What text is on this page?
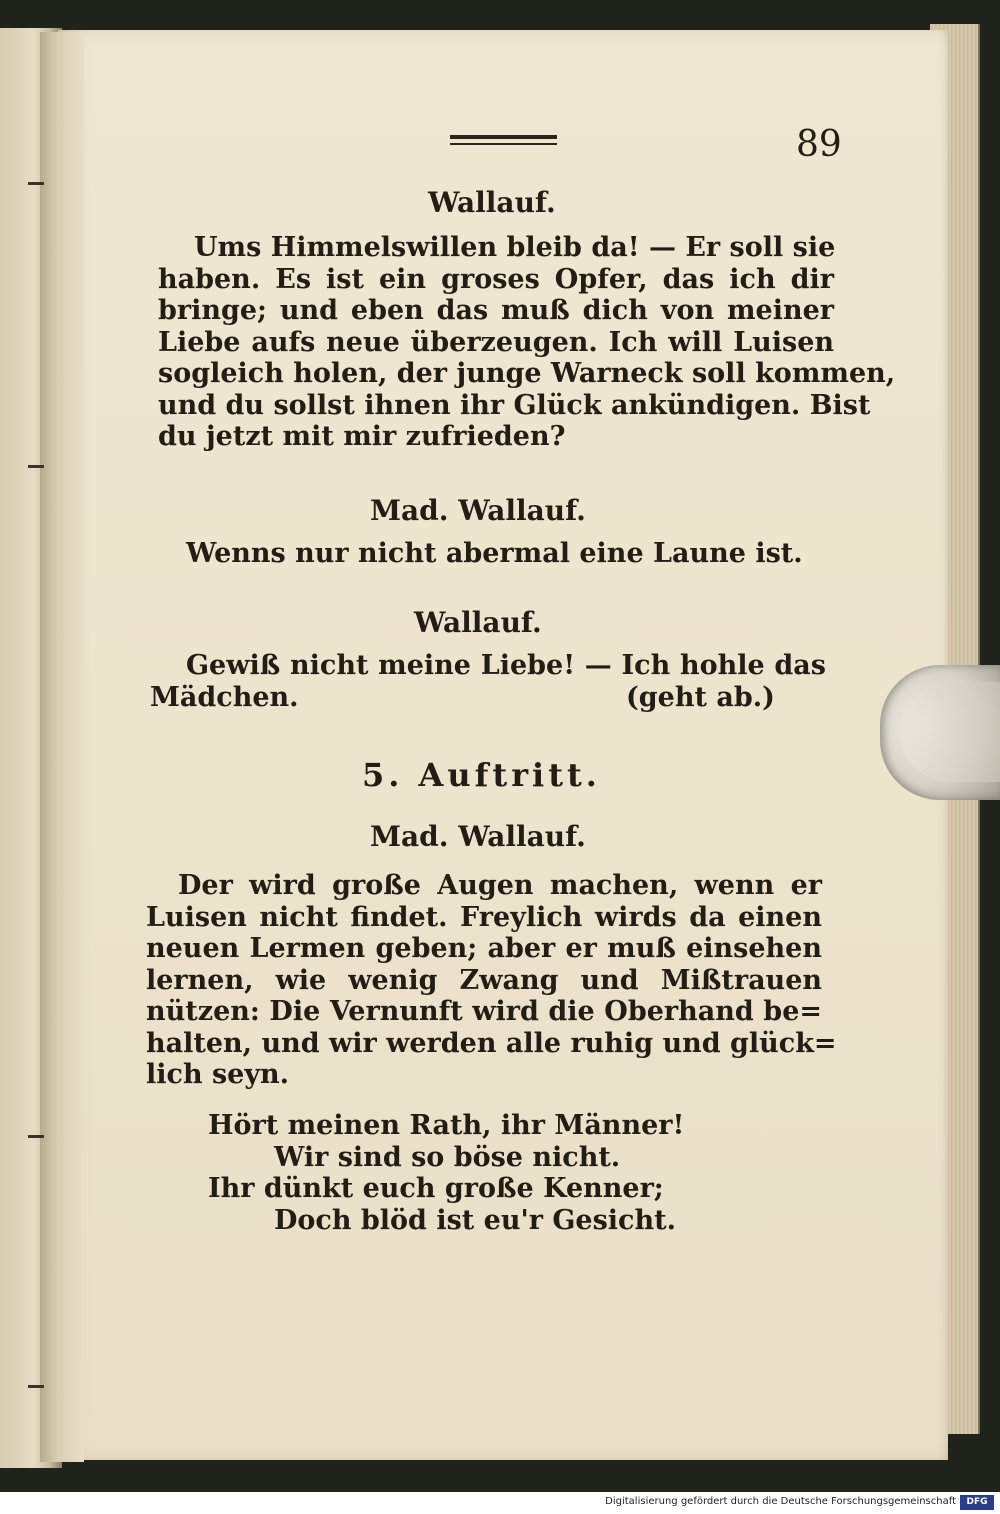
89
Wallauf.
Ums Himmelswillen bleib da! — Er soll sie
haben. Es ist ein groses Opfer, das ich dir
bringe; und eben das muß dich von meiner
Liebe aufs neue überzeugen. Ich will Luisen
sogleich holen, der junge Warneck soll kommen,
und du sollst ihnen ihr Glück ankündigen. Bist
du jetzt mit mir zufrieden?
Mad. Wallauf.
Wenns nur nicht abermal eine Laune ist.
Wallauf.
Gewiß nicht meine Liebe! — Ich hohle das
Mädchen.	(geht ab.)
5. Auftritt.
Mad. Wallauf.
Der wird große Augen machen, wenn er
Luisen nicht findet. Freylich wirds da einen
neuen Lermen geben; aber er muß einsehen
lernen, wie wenig Zwang und Mißtrauen
nützen: Die Vernunft wird die Oberhand be=
halten, und wir werden alle ruhig und glück=
lich seyn.
Hört meinen Rath, ihr Männer!
Wir sind so böse nicht.
Ihr dünkt euch große Kenner;
Doch blöd ist eu'r Gesicht.
Digitalisierung gefördert durch die Deutsche Forschungsgemeinschaft	DFG
